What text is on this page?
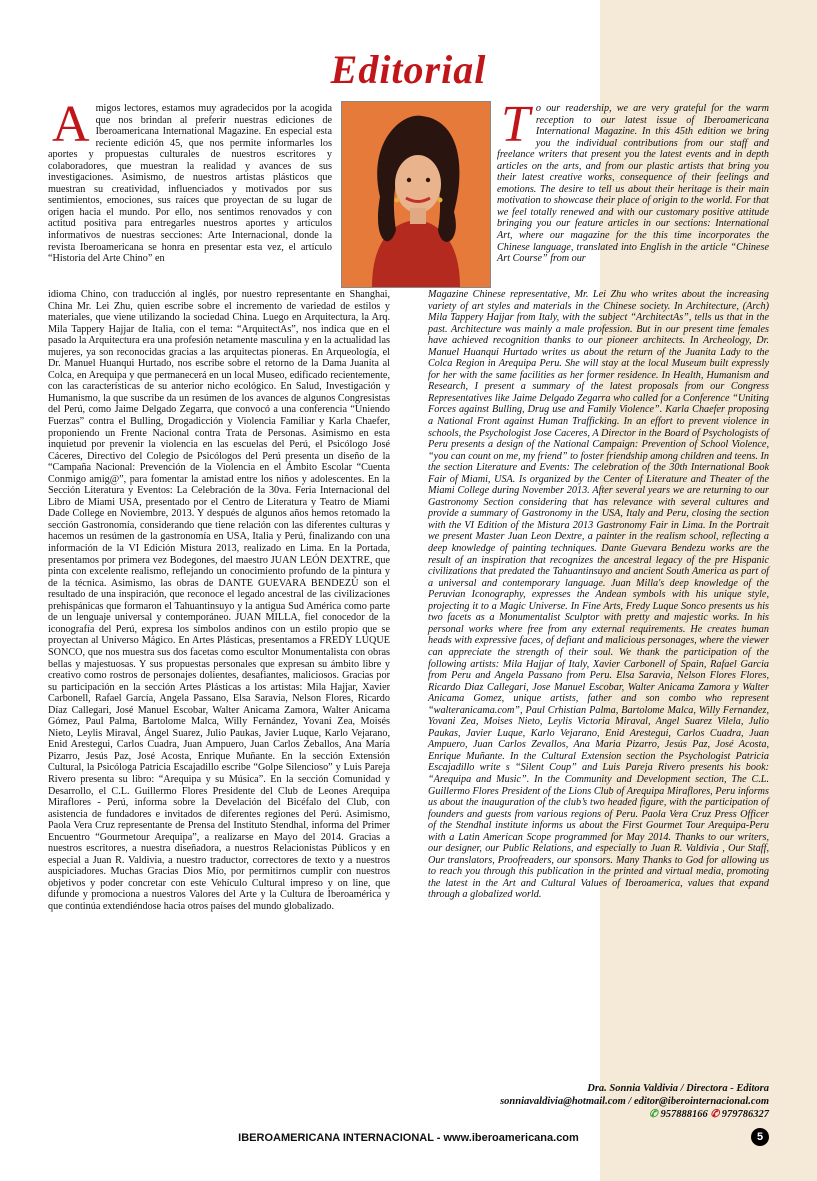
Editorial
A migos lectores, estamos muy agradecidos por la acogida que nos brindan al preferir nuestras ediciones de Iberoamericana International Magazine. En especial esta reciente edición 45, que nos permite informarles los aportes y propuestas culturales de nuestros escritores y colaboradores, que muestran la realidad y avances de sus investigaciones. Asimismo, de nuestros artistas plásticos que muestran su creatividad, influenciados y motivados por sus sentimientos, emociones, sus raíces que proyectan de su lugar de origen hacia el mundo. Por ello, nos sentimos renovados y con actitud positiva para entregarles nuestros aportes y artículos informativos de nuestras secciones: Arte Internacional, donde la revista Iberoamericana se honra en presentar esta vez, el artículo “Historia del Arte Chino” en

idioma Chino, con traducción al inglés, por nuestro representante en Shanghai, China Mr. Lei Zhu, quien escribe sobre el incremento de variedad de estilos y materiales, que viene utilizando la sociedad China. Luego en Arquitectura, la Arq. Mila Tappery Hajjar de Italia, con el tema: “ArquitectAs”, nos indica que en el pasado la Arquitectura era una profesión netamente masculina y en la actualidad las mujeres, ya son reconocidas gracias a las arquitectas pioneras. En Arqueología, el Dr. Manuel Huanqui Hurtado, nos escribe sobre el retorno de la Dama Juanita al Colca, en Arequipa y que permanecerá en un local Museo, edificado recientemente, con las características de su anterior nicho ecológico. En Salud, Investigación y Humanismo, la que suscribe da un resúmen de los avances de algunos Congresistas del Perú, como Jaime Delgado Zegarra, que convocó a una conferencia “Uniendo Fuerzas” contra el Bulling, Drogadicción y Violencia Familiar y Karla Chaefer, proponiendo un Frente Nacional contra Trata de Personas. Asimismo en esta inquietud por prevenir la violencia en las escuelas del Perú, el Psicólogo José Cáceres, Directivo del Colegio de Psicólogos del Perú presenta un diseño de la “Campaña Nacional: Prevención de la Violencia en el Ámbito Escolar “Cuenta Conmigo amig@”, para fomentar la amistad entre los niños y adolescentes. En la Sección Literatura y Eventos: La Celebración de la 30va. Feria Internacional del Libro de Miami USA, presentado por el Centro de Literatura y Teatro de Miami Dade College en Noviembre, 2013. Y después de algunos años hemos retomado la sección Gastronomía, considerando que tiene relación con las diferentes culturas y hacemos un resúmen de la gastronomía en USA, Italia y Perú, finalizando con una información de la VI Edición Mistura 2013, realizado en Lima. En la Portada, presentamos por primera vez Bodegones, del maestro JUAN LEÓN DEXTRE, que pinta con excelente realismo, reflejando un conocimiento profundo de la pintura y de la técnica. Asimismo, las obras de DANTE GUEVARA BENDEZÚ son el resultado de una inspiración, que reconoce el legado ancestral de las civilizaciones prehispánicas que formaron el Tahuantinsuyo y la antigua Sud América como parte de un lenguaje universal y contemporáneo. JUAN MILLA, fiel conocedor de la iconografía del Perú, expresa los símbolos andinos con un estilo propio que se proyectan al Universo Mágico. En Artes Plásticas, presentamos a FREDY LUQUE SONCO, que nos muestra sus dos facetas como escultor Monumentalista con obras bellas y majestuosas. Y sus propuestas personales que expresan su ámbito libre y creativo como rostros de personajes dolientes, desafiantes, maliciosos. Gracias por su participación en la sección Artes Plásticas a los artistas: Mila Hajjar, Xavier Carbonell, Rafael García, Angela Passano, Elsa Saravia, Nelson Flores, Ricardo Díaz Callegari, José Manuel Escobar, Walter Anicama Zamora, Walter Anicama Gómez, Paul Palma, Bartolome Malca, Willy Fernández, Yovani Zea, Moisés Nieto, Leylis Miraval, Ángel Suarez, Julio Paukas, Javier Luque, Karlo Vejarano, Enid Arestegui, Carlos Cuadra, Juan Ampuero, Juan Carlos Zeballos, Ana María Pizarro, Jesús Paz, José Acosta, Enrique Muñante. En la sección Extensión Cultural, la Psicóloga Patricia Escajadillo escribe “Golpe Silencioso” y Luis Pareja Rivero presenta su libro: “Arequipa y su Música”. En la sección Comunidad y Desarrollo, el C.L. Guillermo Flores Presidente del Club de Leones Arequipa Miraflores - Perú, informa sobre la Develación del Bicéfalo del Club, con asistencia de fundadores e invitados de diferentes regiones del Perú. Asimismo, Paola Vera Cruz representante de Prensa del Instituto Stendhal, informa del Primer Encuentro “Gourmetour Arequipa”, a realizarse en Mayo del 2014. Gracias a nuestros escritores, a nuestra diseñadora, a nuestros Relacionistas Públicos y en especial a Juan R. Valdivia, a nuestro traductor, correctores de texto y a nuestros auspiciadores. Muchas Gracias Dios Mío, por permitirnos cumplir con nuestros objetivos y poder concretar con este Vehículo Cultural impreso y on line, que difunde y promociona a nuestros Valores del Arte y la Cultura de Iberoamérica y que continúa extendiéndose hacia otros países del mundo globalizado.

T o our readership, we are very grateful for the warm reception to our latest issue of Iberoamericana International Magazine. In this 45th edition we bring you the individual contributions from our staff and freelance writers that present you the latest events and in depth articles on the arts, and from our plastic artists that bring you their latest creative works, consequence of their feelings and emotions. The desire to tell us about their heritage is their main motivation to showcase their place of origin to the world. For that we feel totally renewed and with our customary positive attitude bringing you our feature articles in our sections: International Art, where our magazine for the this time incorporates the Chinese language, translated into English in the article “Chinese Art Course” from our

Magazine Chinese representative, Mr. Lei Zhu who writes about the increasing variety of art styles and materials in the Chinese society. In Architecture, (Arch) Mila Tappery Hajjar from Italy, with the subject “ArchitectAs”, tells us that in the past. Architecture was mainly a male profession. But in our present time females have achieved recognition thanks to our pioneer architects. In Archeology, Dr. Manuel Huanqui Hurtado writes us about the return of the Juanita Lady to the Colca Region in Arequipa Peru. She will stay at the local Museum built expressly for her with the same facilities as her former residence. In Health, Humanism and Research, I present a summary of the latest proposals from our Congress Representatives like Jaime Delgado Zegarra who called for a Conference “Uniting Forces against Bulling, Drug use and Family Violence”. Karla Chaefer proposing a National Front against Human Trafficking. In an effort to prevent violence in schools, the Psychologist Jose Caceres, A Director in the Board of Psychologists of Peru presents a design of the National Campaign: Prevention of School Violence, “you can count on me, my friend” to foster friendship among children and teens. In the section Literature and Events: The celebration of the 30th International Book Fair of Miami, USA. Is organized by the Center of Literature and Theater of the Miami College during November 2013. After several years we are returning to our Gastronomy Section considering that has relevance with several cultures and provide a summary of Gastronomy in the USA, Italy and Peru, closing the section with the VI Edition of the Mistura 2013 Gastronomy Fair in Lima. In the Portrait we present Master Juan Leon Dextre, a painter in the realism school, reflecting a deep knowledge of painting techniques. Dante Guevara Bendezu works are the result of an inspiration that recognizes the ancestral legacy of the pre Hispanic civilizations that predated the Tahuantinsuyo and ancient South America as part of a universal and contemporary language. Juan Milla's deep knowledge of the Peruvian Iconography, expresses the Andean symbols with his unique style, projecting it to a Magic Universe. In Fine Arts, Fredy Luque Sonco presents us his two facets as a Monumentalist Sculptor with pretty and majestic works. In his personal works where free from any external requirements. He creates human heads with expressive faces, of defiant and malicious personages, where the viewer can appreciate the strength of their soul. We thank the participation of the following artists: Mila Hajjar of Italy, Xavier Carbonell of Spain, Rafael Garcia from Peru and Angela Passano from Peru. Elsa Saravia, Nelson Flores Flores, Ricardo Diaz Callegari, Jose Manuel Escobar, Walter Anicama Zamora y Walter Anicama Gomez, unique artists, father and son combo who represent “walteranicama.com”, Paul Crhistian Palma, Bartolome Malca, Willy Fernandez, Yovani Zea, Moises Nieto, Leylis Victoria Miraval, Angel Suarez Vilela, Julio Paukas, Javier Luque, Karlo Vejarano, Enid Arestegui, Carlos Cuadra, Juan Ampuero, Juan Carlos Zevallos, Ana Maria Pizarro, Jesús Paz, José Acosta, Enrique Muñante. In the Cultural Extension section the Psychologist Patricia Escajadillo write s “Silent Coup” and Luis Pareja Rivero presents his book: “Arequipa and Music”. In the Community and Development section, The C.L. Guillermo Flores President of the Lions Club of Arequipa Miraflores, Peru informs us about the inauguration of the club’s two headed figure, with the participation of founders and guests from various regions of Peru. Paola Vera Cruz Press Officer of the Stendhal institute informs us about the First Gourmet Tour Arequipa-Peru with a Latin American Scope programmed for May 2014. Thanks to our writers, our designer, our Public Relations, and especially to Juan R. Valdivia , Our Staff, Our translators, Proofreaders, our sponsors. Many Thanks to God for allowing us to reach you through this publication in the printed and virtual media, promoting the latest in the Art and Cultural Values of Iberoamerica, values that expand through a globalized world.

Dra. Sonnia Valdivia / Directora - Editora
sonniavaldivia@hotmail.com / editor@iberointernacional.com
✆ 957888166 ✆ 979786327
IBEROAMERICANA INTERNACIONAL - www.iberoamericana.com	5
